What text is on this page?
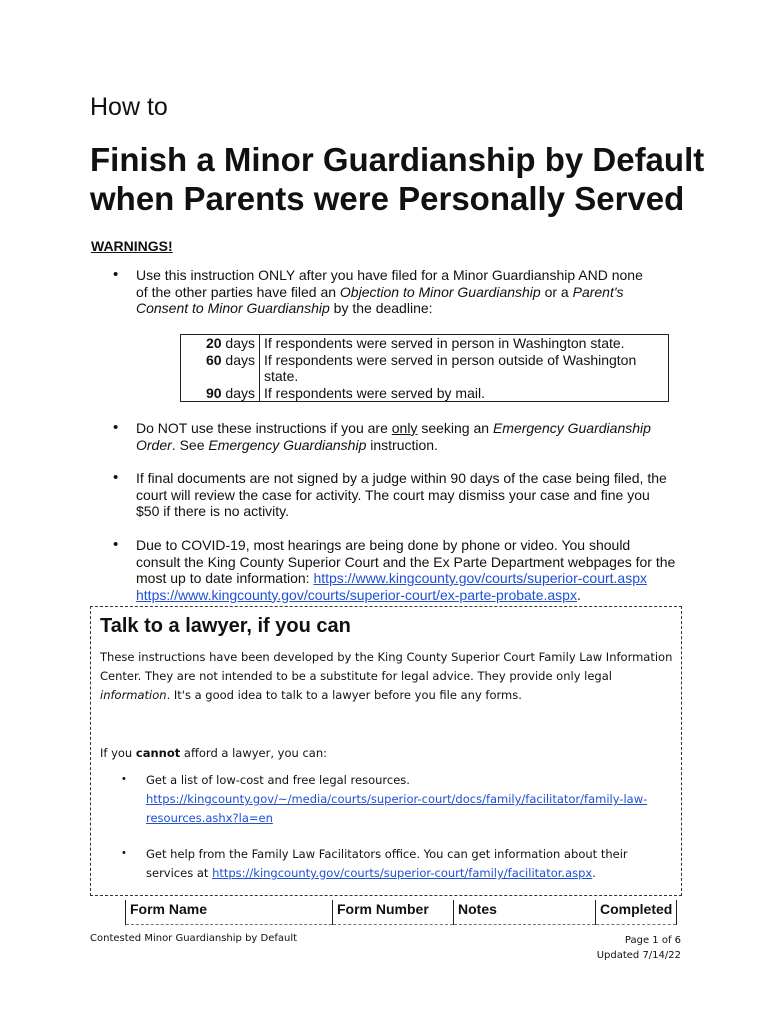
How to
Finish a Minor Guardianship by Default
when Parents were Personally Served
WARNINGS!
• Use this instruction ONLY after you have filed for a Minor Guardianship AND none
of the other parties have filed an Objection to Minor Guardianship or a Parent's
Consent to Minor Guardianship by the deadline:
20 days	If respondents were served in person in Washington state.
60 days	If respondents were served in person outside of Washington state.
90 days	If respondents were served by mail.
• Do NOT use these instructions if you are only seeking an Emergency Guardianship Order. See Emergency Guardianship instruction.
• If final documents are not signed by a judge within 90 days of the case being filed, the court will review the case for activity. The court may dismiss your case and fine you $50 if there is no activity.
• Due to COVID-19, most hearings are being done by phone or video. You should consult the King County Superior Court and the Ex Parte Department webpages for the most up to date information: https://www.kingcounty.gov/courts/superior-court.aspx https://www.kingcounty.gov/courts/superior-court/ex-parte-probate.aspx.
Talk to a lawyer, if you can
These instructions have been developed by the King County Superior Court Family Law Information Center. They are not intended to be a substitute for legal advice. They provide only legal information. It's a good idea to talk to a lawyer before you file any forms.
If you cannot afford a lawyer, you can:
• Get a list of low-cost and free legal resources.
https://kingcounty.gov/~/media/courts/superior-court/docs/family/facilitator/family-law-resources.ashx?la=en
• Get help from the Family Law Facilitators office. You can get information about their services at https://kingcounty.gov/courts/superior-court/family/facilitator.aspx.
Form Name	Form Number	Notes	Completed
Contested Minor Guardianship by Default	Page 1 of 6
Updated 7/14/22
